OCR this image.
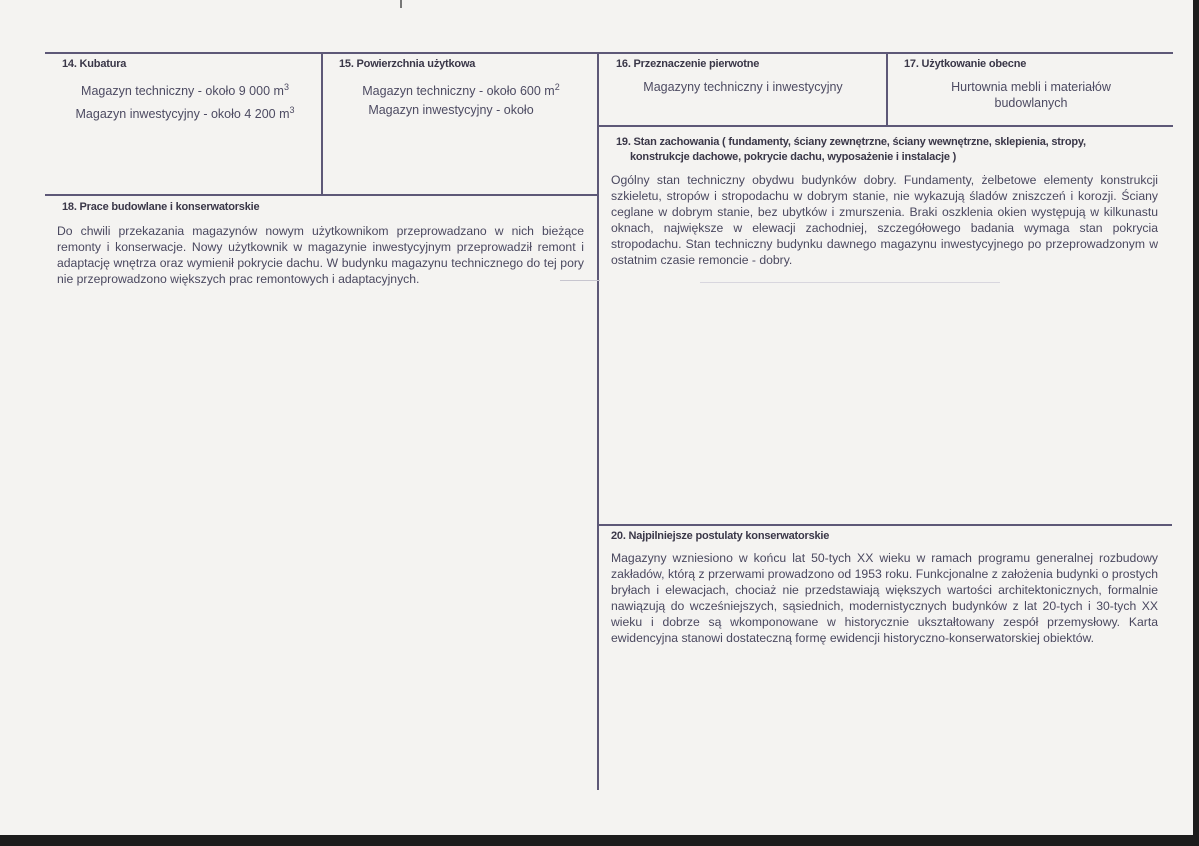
14. Kubatura
Magazyn techniczny - około 9 000 $m^3$
Magazyn inwestycyjny - około 4 200 $m^3$
15. Powierzchnia użytkowa
Magazyn techniczny - około 600 $m^2$
Magazyn inwestycyjny - około
16. Przeznaczenie pierwotne
Magazyny techniczny i inwestycyjny
17. Użytkowanie obecne
Hurtownia mebli i materiałów
budowlanych
18. Prace budowlane i konserwatorskie
Do chwili przekazania magazynów nowym użytkownikom przeprowadzano w nich bieżące remonty i konserwacje. Nowy użytkownik w magazynie inwestycyjnym przeprowadził remont i adaptację wnętrza oraz wymienił pokrycie dachu. W budynku magazynu technicznego do tej pory nie przeprowadzono większych prac remontowych i adaptacyjnych.
19. Stan zachowania ( fundamenty, ściany zewnętrzne, ściany wewnętrzne, sklepienia, stropy,
konstrukcje dachowe, pokrycie dachu, wyposażenie i instalacje )
Ogólny stan techniczny obydwu budynków dobry. Fundamenty, żelbetowe elementy konstrukcji szkieletu, stropów i stropodachu w dobrym stanie, nie wykazują śladów zniszczeń i korozji. Ściany ceglane w dobrym stanie, bez ubytków i zmurszenia. Braki oszklenia okien występują w kilkunastu oknach, największe w elewacji zachodniej, szczegółowego badania wymaga stan pokrycia stropodachu. Stan techniczny budynku dawnego magazynu inwestycyjnego po przeprowadzonym w ostatnim czasie remoncie - dobry.
20. Najpilniejsze postulaty konserwatorskie
Magazyny wzniesiono w końcu lat 50-tych XX wieku w ramach programu generalnej rozbudowy zakładów, którą z przerwami prowadzono od 1953 roku. Funkcjonalne z założenia budynki o prostych bryłach i elewacjach, chociaż nie przedstawiają większych wartości architektonicznych, formalnie nawiązują do wcześniejszych, sąsiednich, modernistycznych budynków z lat 20-tych i 30-tych XX wieku i dobrze są wkomponowane w historycznie ukształtowany zespół przemysłowy. Karta ewidencyjna stanowi dostateczną formę ewidencji historyczno-konserwatorskiej obiektów.
